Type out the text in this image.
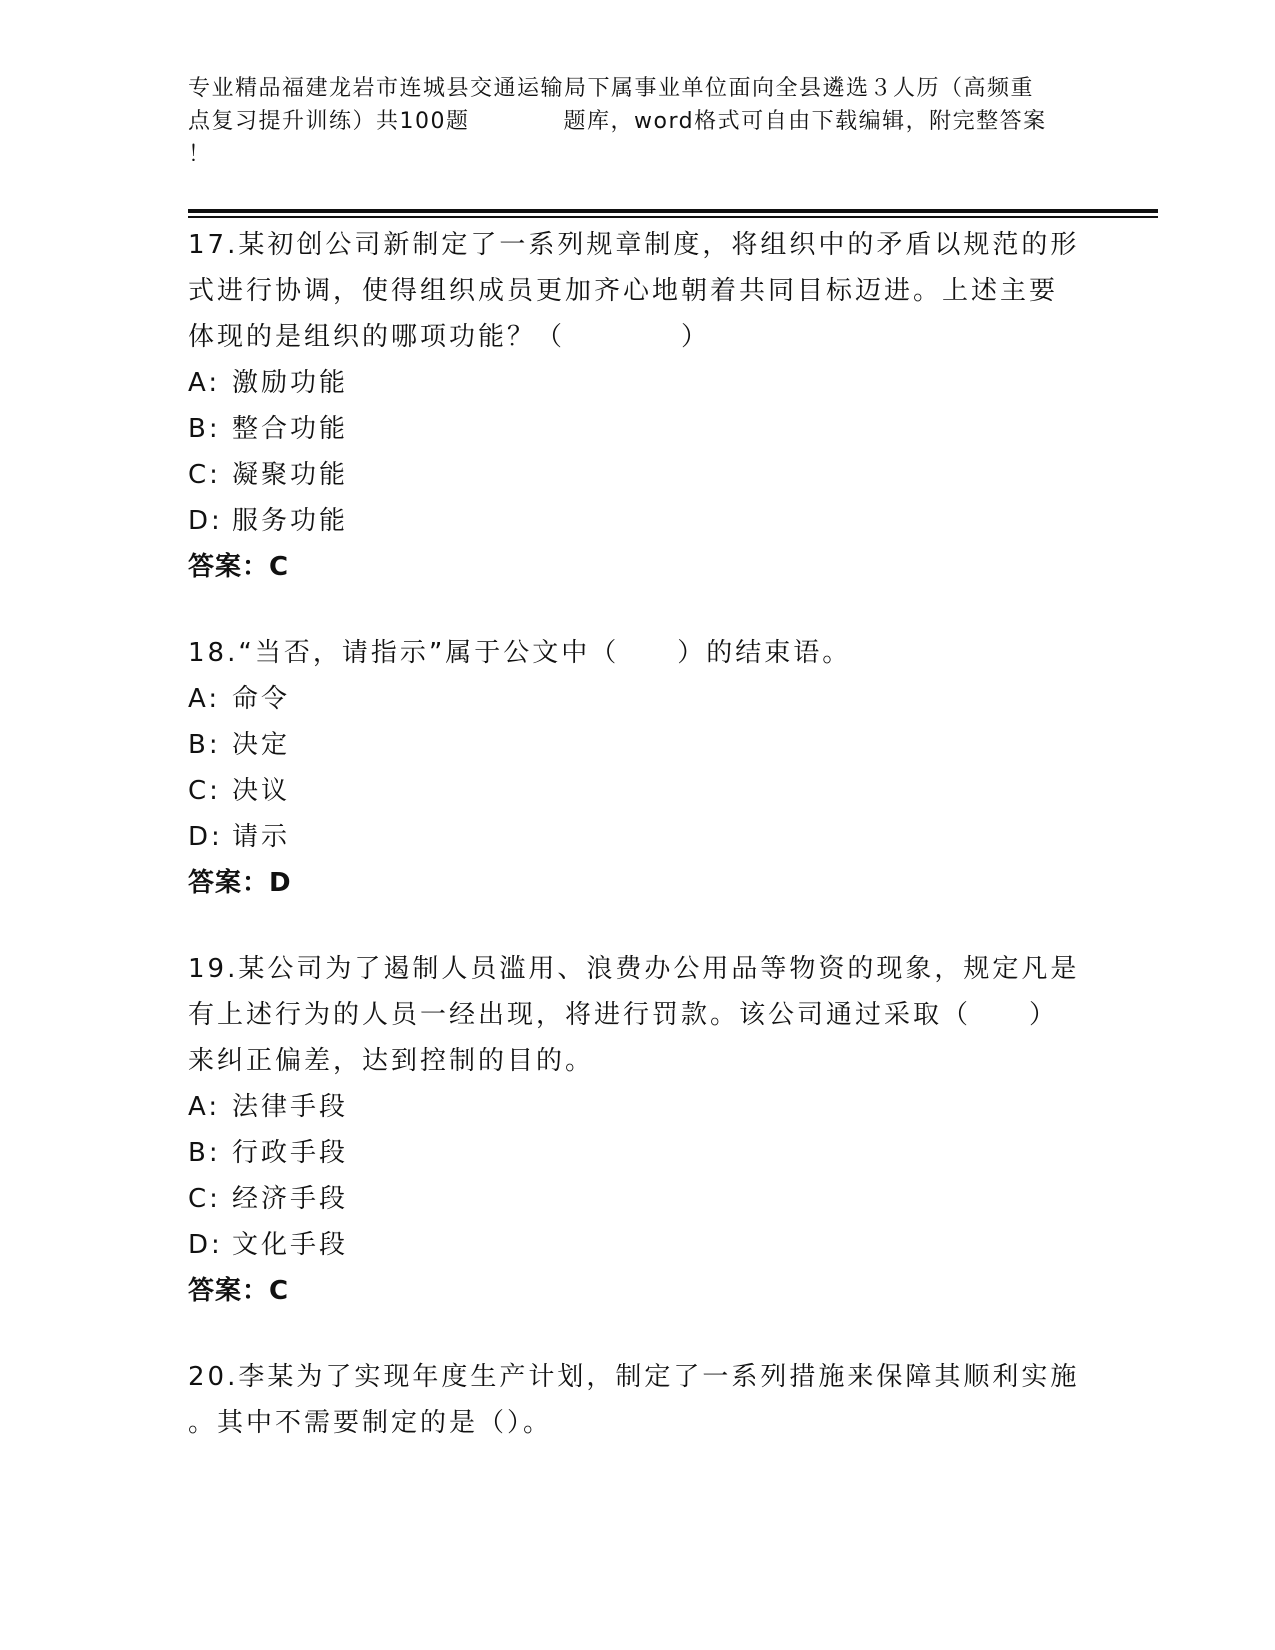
专业精品福建龙岩市连城县交通运输局下属事业单位面向全县遴选３人历（高频重
点复习提升训练）共100题　　　　题库，word格式可自由下载编辑，附完整答案
！
17.某初创公司新制定了一系列规章制度，将组织中的矛盾以规范的形
式进行协调，使得组织成员更加齐心地朝着共同目标迈进。上述主要
体现的是组织的哪项功能？（　　　　）
A: 激励功能
B: 整合功能
C: 凝聚功能
D: 服务功能
答案：C
18.“当否，请指示”属于公文中（　　）的结束语。
A: 命令
B: 决定
C: 决议
D: 请示
答案：D
19.某公司为了遏制人员滥用、浪费办公用品等物资的现象，规定凡是
有上述行为的人员一经出现，将进行罚款。该公司通过采取（　　）
来纠正偏差，达到控制的目的。
A: 法律手段
B: 行政手段
C: 经济手段
D: 文化手段
答案：C
20.李某为了实现年度生产计划，制定了一系列措施来保障其顺利实施
。其中不需要制定的是（）。
